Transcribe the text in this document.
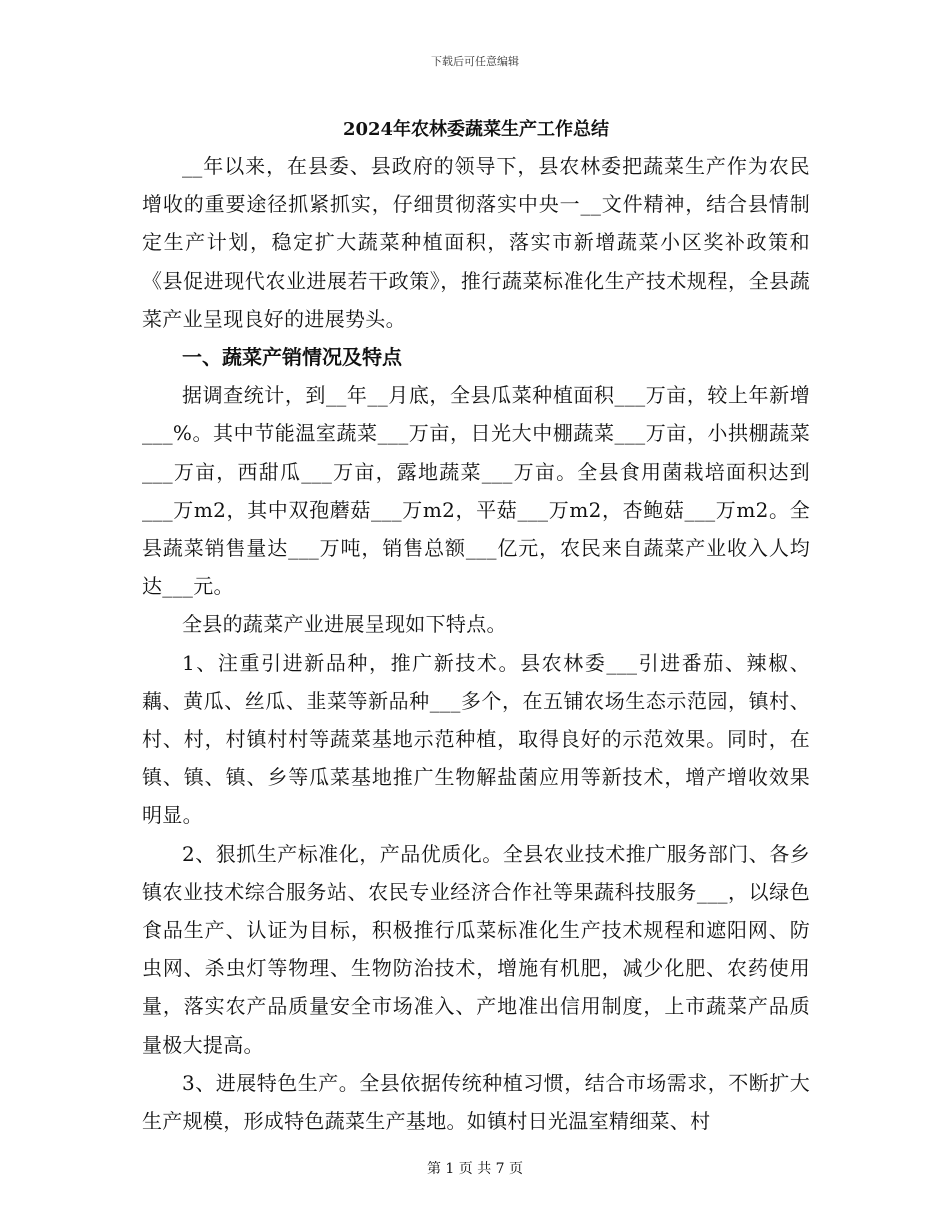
下载后可任意编辑
2024年农林委蔬菜生产工作总结

__年以来，在县委、县政府的领导下，县农林委把蔬菜生产作为农民增收的重要途径抓紧抓实，仔细贯彻落实中央一__文件精神，结合县情制定生产计划，稳定扩大蔬菜种植面积，落实市新增蔬菜小区奖补政策和《县促进现代农业进展若干政策》，推行蔬菜标准化生产技术规程，全县蔬菜产业呈现良好的进展势头。

一、蔬菜产销情况及特点

据调查统计，到__年__月底，全县瓜菜种植面积___万亩，较上年新增___%。其中节能温室蔬菜___万亩，日光大中棚蔬菜___万亩，小拱棚蔬菜___万亩，西甜瓜___万亩，露地蔬菜___万亩。全县食用菌栽培面积达到___万m2，其中双孢蘑菇___万m2，平菇___万m2，杏鲍菇___万m2。全县蔬菜销售量达___万吨，销售总额___亿元，农民来自蔬菜产业收入人均达___元。

全县的蔬菜产业进展呈现如下特点。

1、注重引进新品种，推广新技术。县农林委___引进番茄、辣椒、藕、黄瓜、丝瓜、韭菜等新品种___多个，在五铺农场生态示范园，镇村、村、村，村镇村村等蔬菜基地示范种植，取得良好的示范效果。同时，在镇、镇、镇、乡等瓜菜基地推广生物解盐菌应用等新技术，增产增收效果明显。

2、狠抓生产标准化，产品优质化。全县农业技术推广服务部门、各乡镇农业技术综合服务站、农民专业经济合作社等果蔬科技服务___，以绿色食品生产、认证为目标，积极推行瓜菜标准化生产技术规程和遮阳网、防虫网、杀虫灯等物理、生物防治技术，增施有机肥，减少化肥、农药使用量，落实农产品质量安全市场准入、产地准出信用制度，上市蔬菜产品质量极大提高。

3、进展特色生产。全县依据传统种植习惯，结合市场需求，不断扩大生产规模，形成特色蔬菜生产基地。如镇村日光温室精细菜、村

第 1 页 共 7 页
